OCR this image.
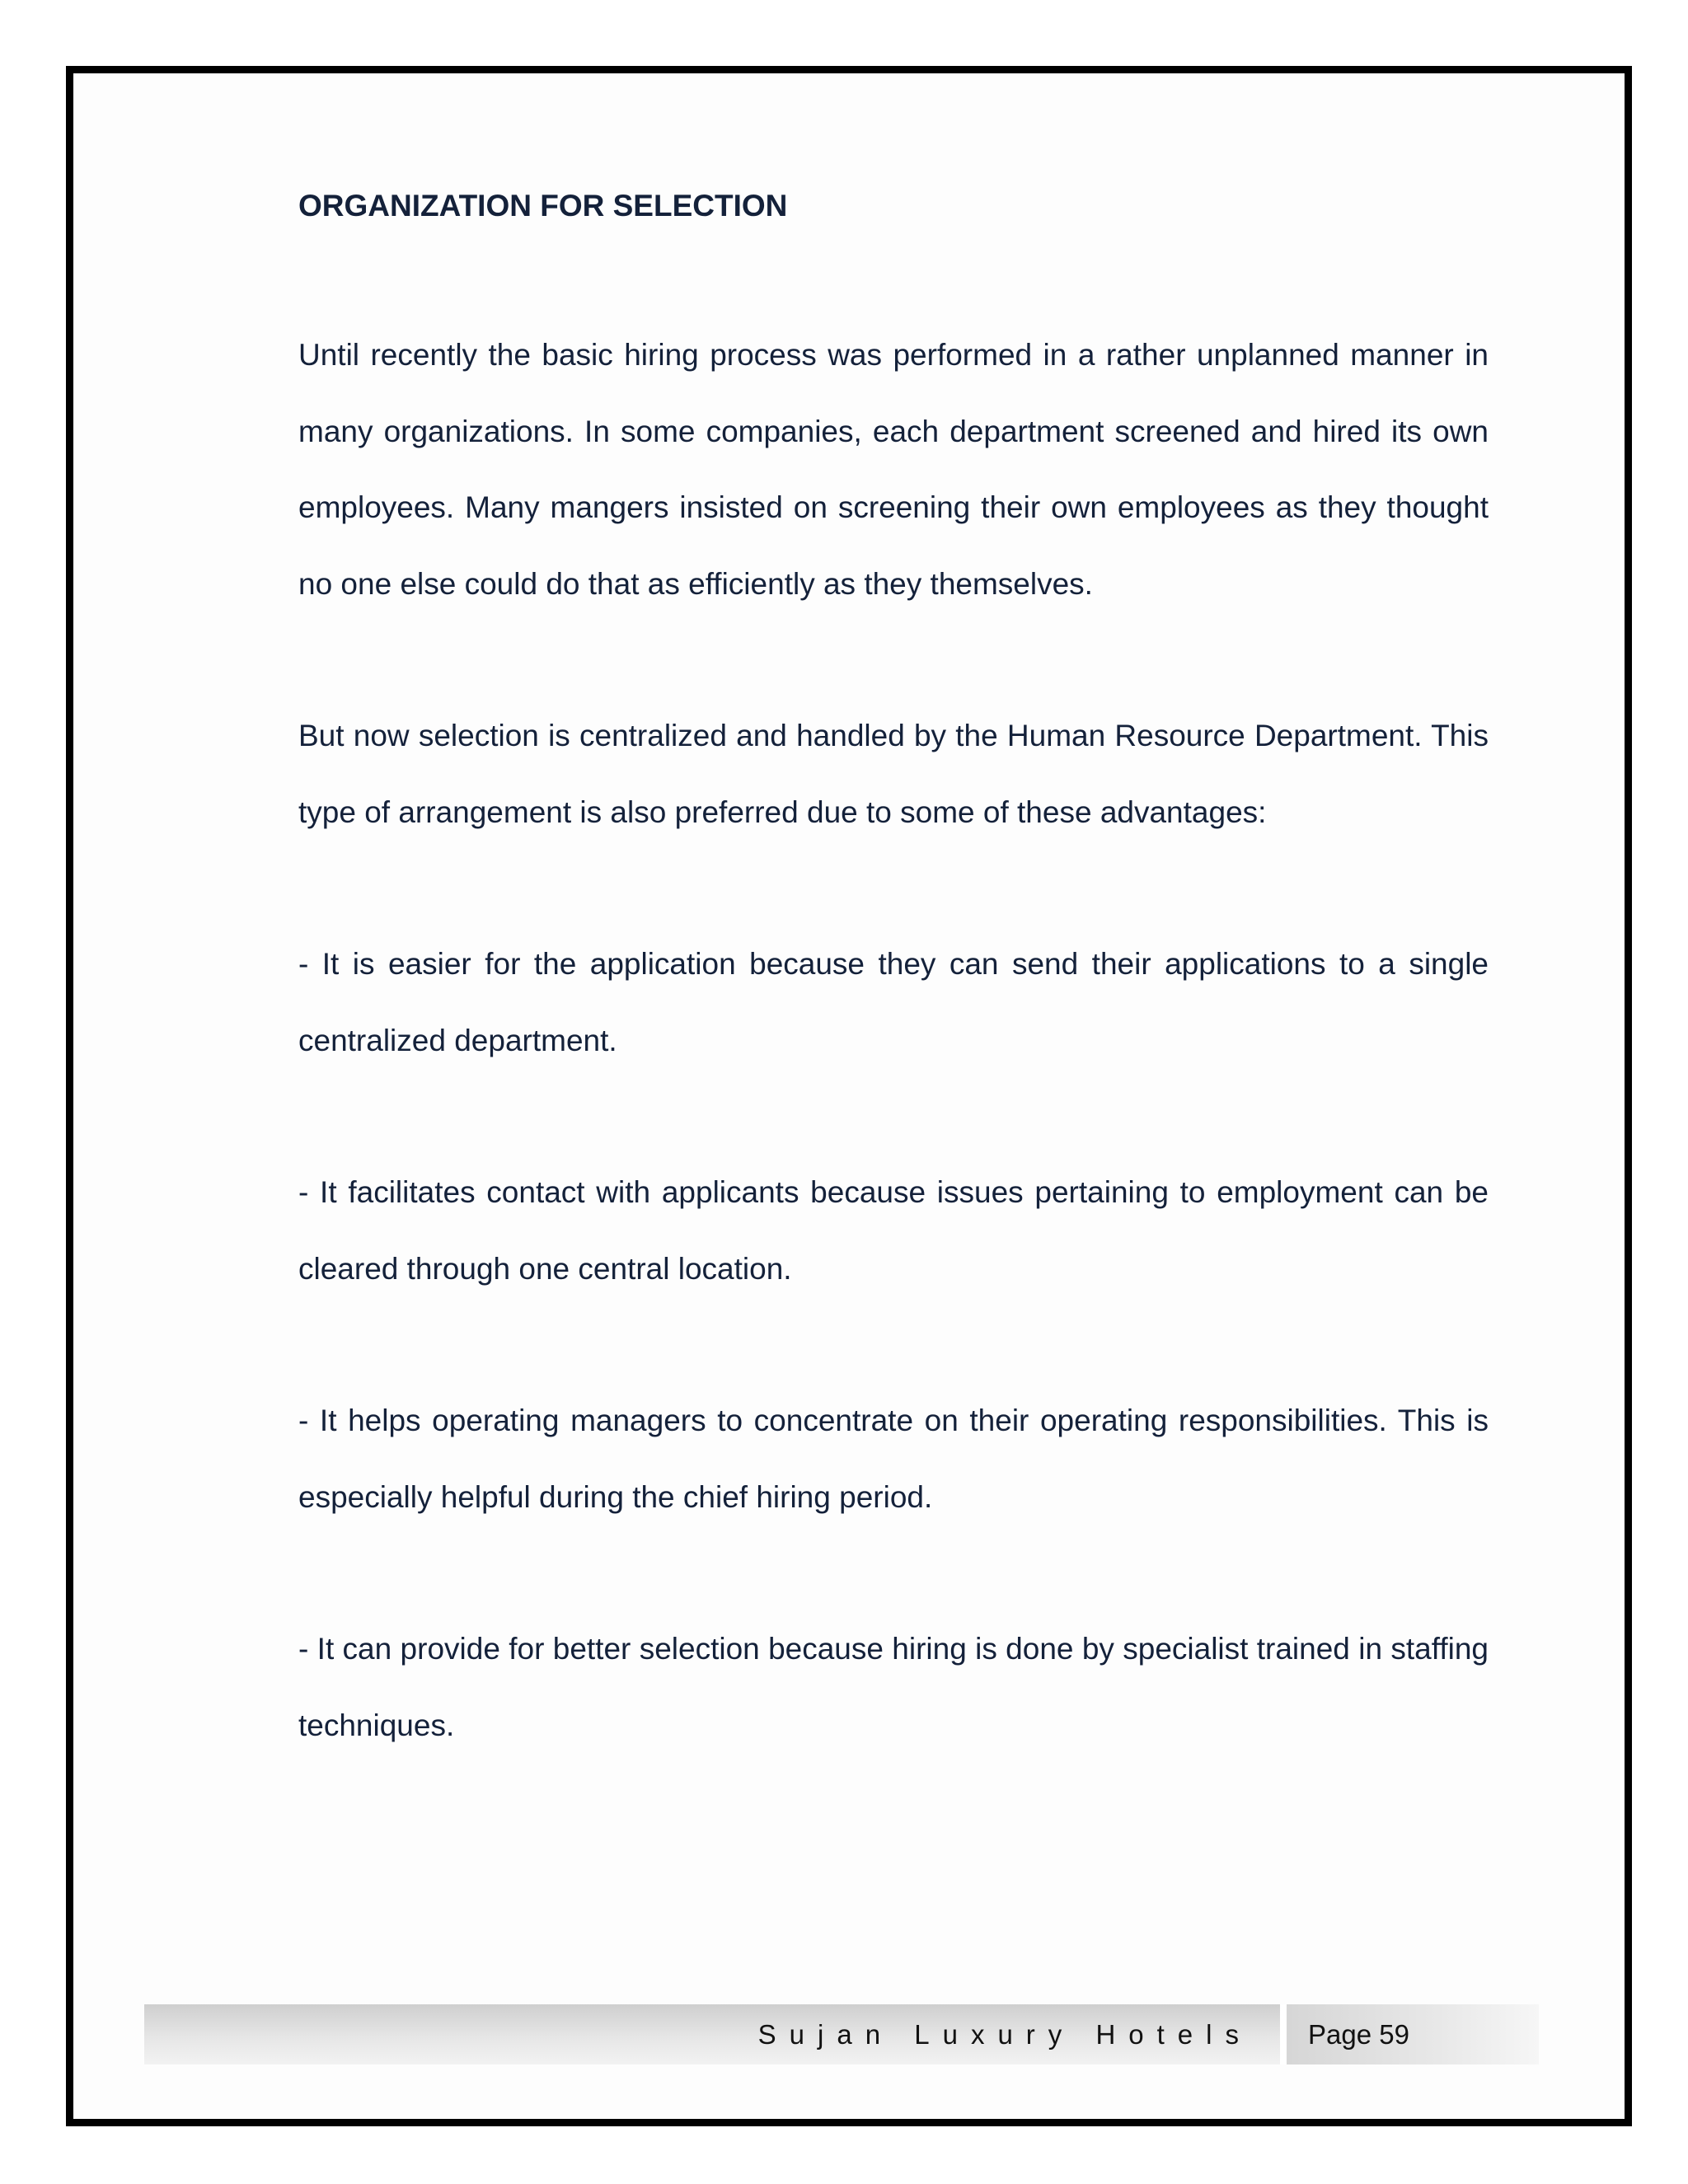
ORGANIZATION FOR SELECTION

Until recently the basic hiring process was performed in a rather unplanned manner in many organizations. In some companies, each department screened and hired its own employees. Many mangers insisted on screening their own employees as they thought no one else could do that as efficiently as they themselves.

But now selection is centralized and handled by the Human Resource Department. This type of arrangement is also preferred due to some of these advantages:

- It is easier for the application because they can send their applications to a single centralized department.

- It facilitates contact with applicants because issues pertaining to employment can be cleared through one central location.

- It helps operating managers to concentrate on their operating responsibilities. This is especially helpful during the chief hiring period.

- It can provide for better selection because hiring is done by specialist trained in staffing techniques.

Sujan Luxury Hotels Page 59
